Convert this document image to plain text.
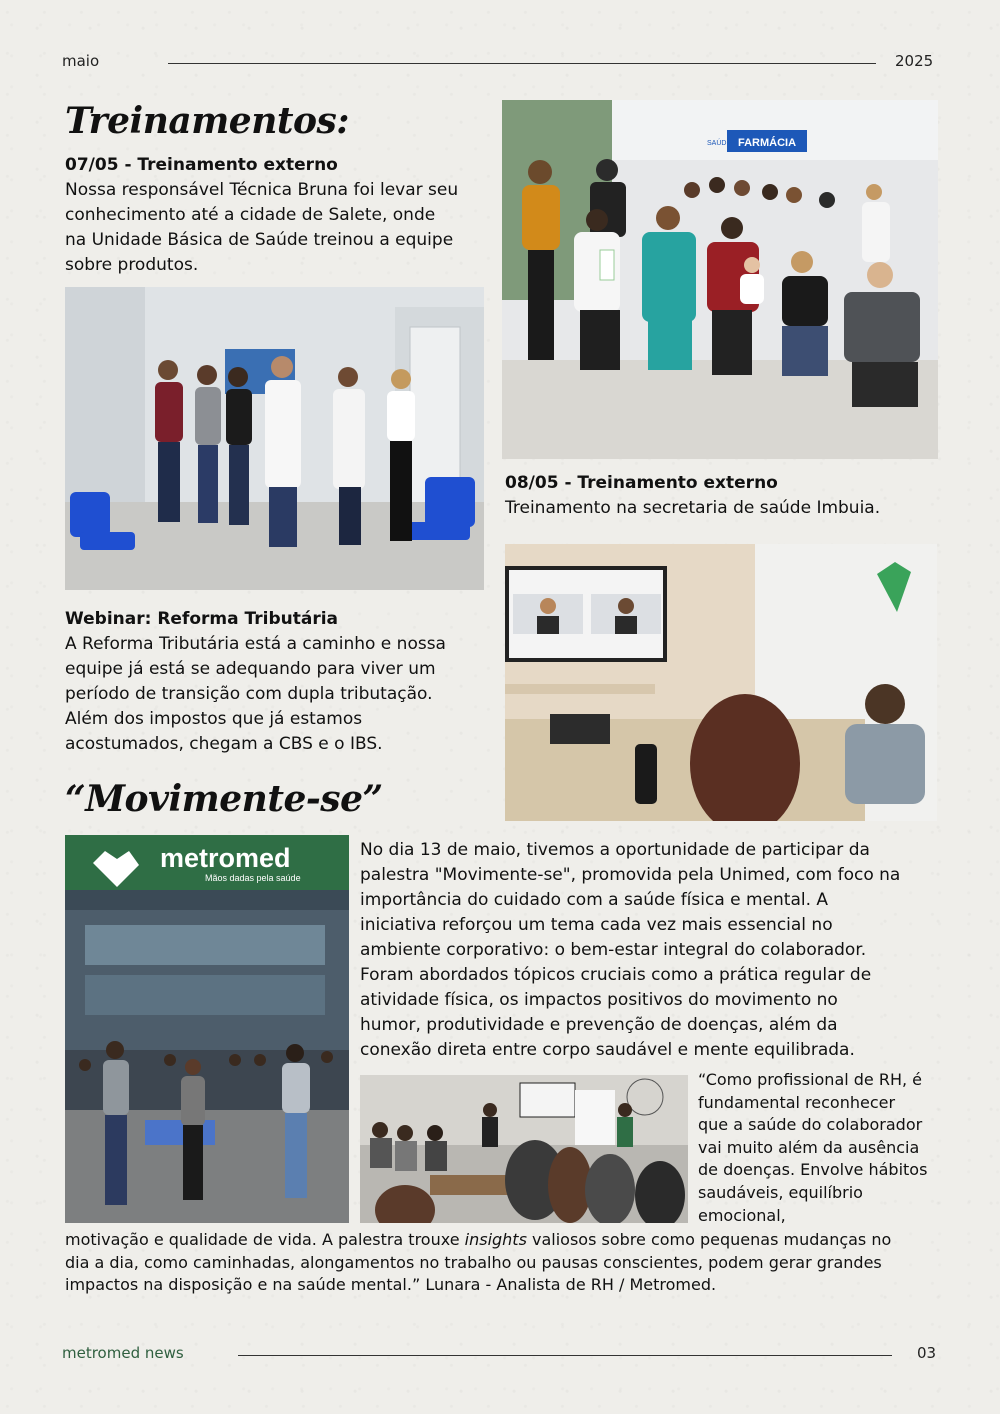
maio	2025
Treinamentos:
07/05 - Treinamento externo
Nossa responsável Técnica Bruna foi levar seu
conhecimento até a cidade de Salete, onde
na Unidade Básica de Saúde treinou a equipe
sobre produtos.
FARMÁCIA
SAÚDE
08/05 - Treinamento externo
Treinamento na secretaria de saúde Imbuia.
Webinar: Reforma Tributária
A Reforma Tributária está a caminho e nossa
equipe já está se adequando para viver um
período de transição com dupla tributação.
Além dos impostos que já estamos
acostumados, chegam a CBS e o IBS.
“Movimente-se”
metromed
Mãos dadas pela saúde
No dia 13 de maio, tivemos a oportunidade de participar da
palestra "Movimente-se", promovida pela Unimed, com foco na
importância do cuidado com a saúde física e mental. A
iniciativa reforçou um tema cada vez mais essencial no
ambiente corporativo: o bem-estar integral do colaborador.
Foram abordados tópicos cruciais como a prática regular de
atividade física, os impactos positivos do movimento no
humor, produtividade e prevenção de doenças, além da
conexão direta entre corpo saudável e mente equilibrada.
“Como profissional de RH, é
fundamental reconhecer
que a saúde do colaborador
vai muito além da ausência
de doenças. Envolve hábitos
saudáveis, equilíbrio
emocional,
motivação e qualidade de vida. A palestra trouxe insights valiosos sobre como pequenas mudanças no
dia a dia, como caminhadas, alongamentos no trabalho ou pausas conscientes, podem gerar grandes
impactos na disposição e na saúde mental.” Lunara - Analista de RH / Metromed.
metromed news	03
